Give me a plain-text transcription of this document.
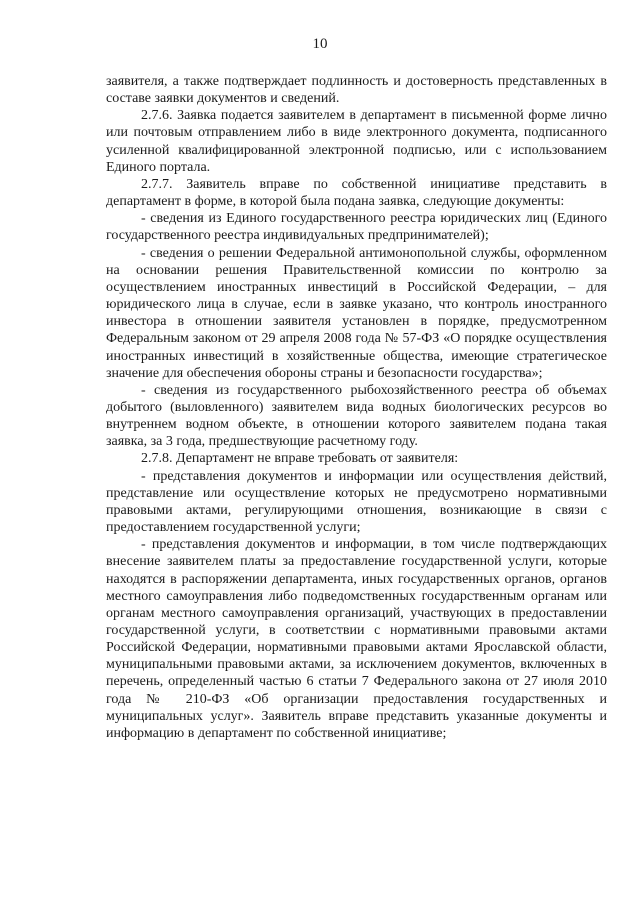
10

заявителя, а также подтверждает подлинность и достоверность представленных в составе заявки документов и сведений.

2.7.6. Заявка подается заявителем в департамент в письменной форме лично или почтовым отправлением либо в виде электронного документа, подписанного усиленной квалифицированной электронной подписью, или с использованием Единого портала.

2.7.7. Заявитель вправе по собственной инициативе представить в департамент в форме, в которой была подана заявка, следующие документы:

- сведения из Единого государственного реестра юридических лиц (Единого государственного реестра индивидуальных предпринимателей);

- сведения о решении Федеральной антимонопольной службы, оформленном на основании решения Правительственной комиссии по контролю за осуществлением иностранных инвестиций в Российской Федерации, – для юридического лица в случае, если в заявке указано, что контроль иностранного инвестора в отношении заявителя установлен в порядке, предусмотренном Федеральным законом от 29 апреля 2008 года № 57-ФЗ «О порядке осуществления иностранных инвестиций в хозяйственные общества, имеющие стратегическое значение для обеспечения обороны страны и безопасности государства»;

- сведения из государственного рыбохозяйственного реестра об объемах добытого (выловленного) заявителем вида водных биологических ресурсов во внутреннем водном объекте, в отношении которого заявителем подана такая заявка, за 3 года, предшествующие расчетному году.

2.7.8. Департамент не вправе требовать от заявителя:

- представления документов и информации или осуществления действий, представление или осуществление которых не предусмотрено нормативными правовыми актами, регулирующими отношения, возникающие в связи с предоставлением государственной услуги;

- представления документов и информации, в том числе подтверждающих внесение заявителем платы за предоставление государственной услуги, которые находятся в распоряжении департамента, иных государственных органов, органов местного самоуправления либо подведомственных государственным органам или органам местного самоуправления организаций, участвующих в предоставлении государственной услуги, в соответствии с нормативными правовыми актами Российской Федерации, нормативными правовыми актами Ярославской области, муниципальными правовыми актами, за исключением документов, включенных в перечень, определенный частью 6 статьи 7 Федерального закона от 27 июля 2010 года № 210-ФЗ «Об организации предоставления государственных и муниципальных услуг». Заявитель вправе представить указанные документы и информацию в департамент по собственной инициативе;
